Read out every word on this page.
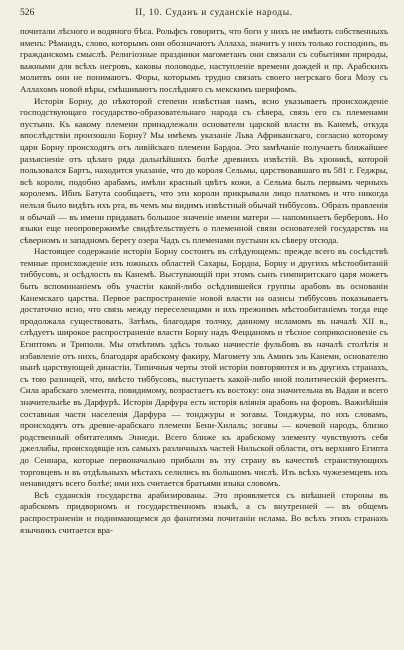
526	II, 10. Суданъ и суданскіе народы.

почитали лѣсного и водяного бѣса. Рольфсъ говоритъ, что боги у нихъ не имѣютъ собственныхъ именъ: Рѣмаидъ, слово, которымъ они обозначаютъ Аллаха, значитъ у нихъ только господинъ, въ гражданскомъ смыслѣ. Религіозные праздники магометанъ они связали съ событіями природы, важными для всѣхъ негровъ, каковы половодье, наступленіе времени дождей и пр. Арабскихъ молитвъ они не понимаютъ. Форы, которымъ трудно связать своего негрскаго бога Мозу съ Аллахомъ новой вѣры, смѣшиваютъ послѣдняго съ мекскимъ шерифомъ.

Исторія Борну, до нѣкоторой степени извѣстная намъ, ясно указываетъ происхожденіе господствующаго государство-образовательнаго народа съ сѣвера, связь его съ племенами пустыни. Къ какому племени принадлежали основатели царской власти въ Канемѣ, откуда впослѣдствіи произошло Борну? Мы имѣемъ указаніе Льва Африканскаго, согласно которому цари Борну происходятъ отъ ливійскаго племени Бардоа. Это замѣчаніе получаетъ ближайшее разъясненіе отъ цѣлаго ряда дальнѣйшихъ болѣе древнихъ извѣстій. Въ хроникѣ, которой пользовался Бартъ, находится указаніе, что до короля Сельмы, царствовавшаго въ 581 г. Геджры, всѣ короли, подобно арабамъ, имѣли красный цвѣтъ кожи, а Сельма былъ первымъ черныхъ королемъ. Ибнъ Батута сообщаетъ, что эти короли прикрывали лицо платкомъ и что никогда нельзя было видѣть ихъ рта, въ чемъ мы видимъ извѣстный обычай тиббусовъ. Образъ правленія и обычай — въ имени придавать большое значеніе имени матери — напоминаетъ берберовъ. Но языки еще неопровержимѣе свидѣтельствуетъ о племенной связи основателей государствъ на сѣверномъ и западномъ берегу озера Чадъ съ племенами пустыни къ сѣверу отсюда.

Настоящее содержаніе исторіи Борну состоитъ въ слѣдующемъ: прежде всего въ сосѣдствѣ темные происхожденіе изъ южныхъ областей Сахары, Бордоа, Борну и другихъ мѣстообитаній тиббусовъ, и осѣдлость въ Канемѣ. Выступающій при этомъ сынъ гимпиритскаго царя можетъ быть вспоминаніемъ объ участіи какой-либо осѣдлившейся группы арабовъ въ основаніи Канемскаго царства. Первое распространеніе новой власти на оазисы тиббусовъ показываетъ достаточно ясно, что связь между переселенцами и ихъ прежнимъ мѣстообитаніемъ тогда еще продолжала существовать. Затѣмъ, благодаря толчку, данному исламомъ въ началѣ XII в., слѣдуетъ широкое распространеніе власти Борну надъ Феццаномъ и тѣсное соприкосновеніе съ Египтомъ и Триполи. Мы отмѣтимъ здѣсь только начиестіе фульбовъ въ началѣ столѣтія и избавленіе отъ нихъ, благодаря арабскому факиру, Магомету эль Аминъ эль Канеми, основателю нынѣ царствующей династіи. Типичныя черты этой исторіи повторяются и въ другихъ странахъ, съ тою разницей, что, вмѣсто тиббусовъ, выступаетъ какой-либо иной политическій ферментъ. Сила арабскаго элемента, повидимому, возрастаетъ къ востоку: она значительна въ Вадаи и всего значительнѣе въ Дарфурѣ. Исторія Дарфура есть исторія вліянія арабовъ на форовъ. Важнѣйшія составныя части населенія Дарфура — тонджуры и зогавы. Тонджуры, по ихъ словамъ, происходятъ отъ древне-арабскаго племени Бени-Хилаль; зогавы — кочевой народъ, близко родственный обитателямъ Эннеди. Всего ближе къ арабскому элементу чувствуютъ себя джеллабы, происходящіе изъ самыхъ различныхъ частей Нильской области, отъ верхняго Египта до Сеннара, которые первоначально прибыли въ эту страну въ качествѣ странствующихъ торговцевъ и въ отдѣльныхъ мѣстахъ селились въ большомъ числѣ. Изъ всѣхъ чужеземцевъ ихъ ненавидятъ всего болѣе; ими ихъ считается братьями языка словомъ.

Всѣ суданскія государства арабизированы. Это проявляется съ внѣшней стороны въ арабскомъ придворномъ и государственномъ языкѣ, а съ внутренней — въ общемъ распространеніи и поднимающемся до фанатизма почитаніи ислама. Во всѣхъ этихъ странахъ язычникъ считается вра-
